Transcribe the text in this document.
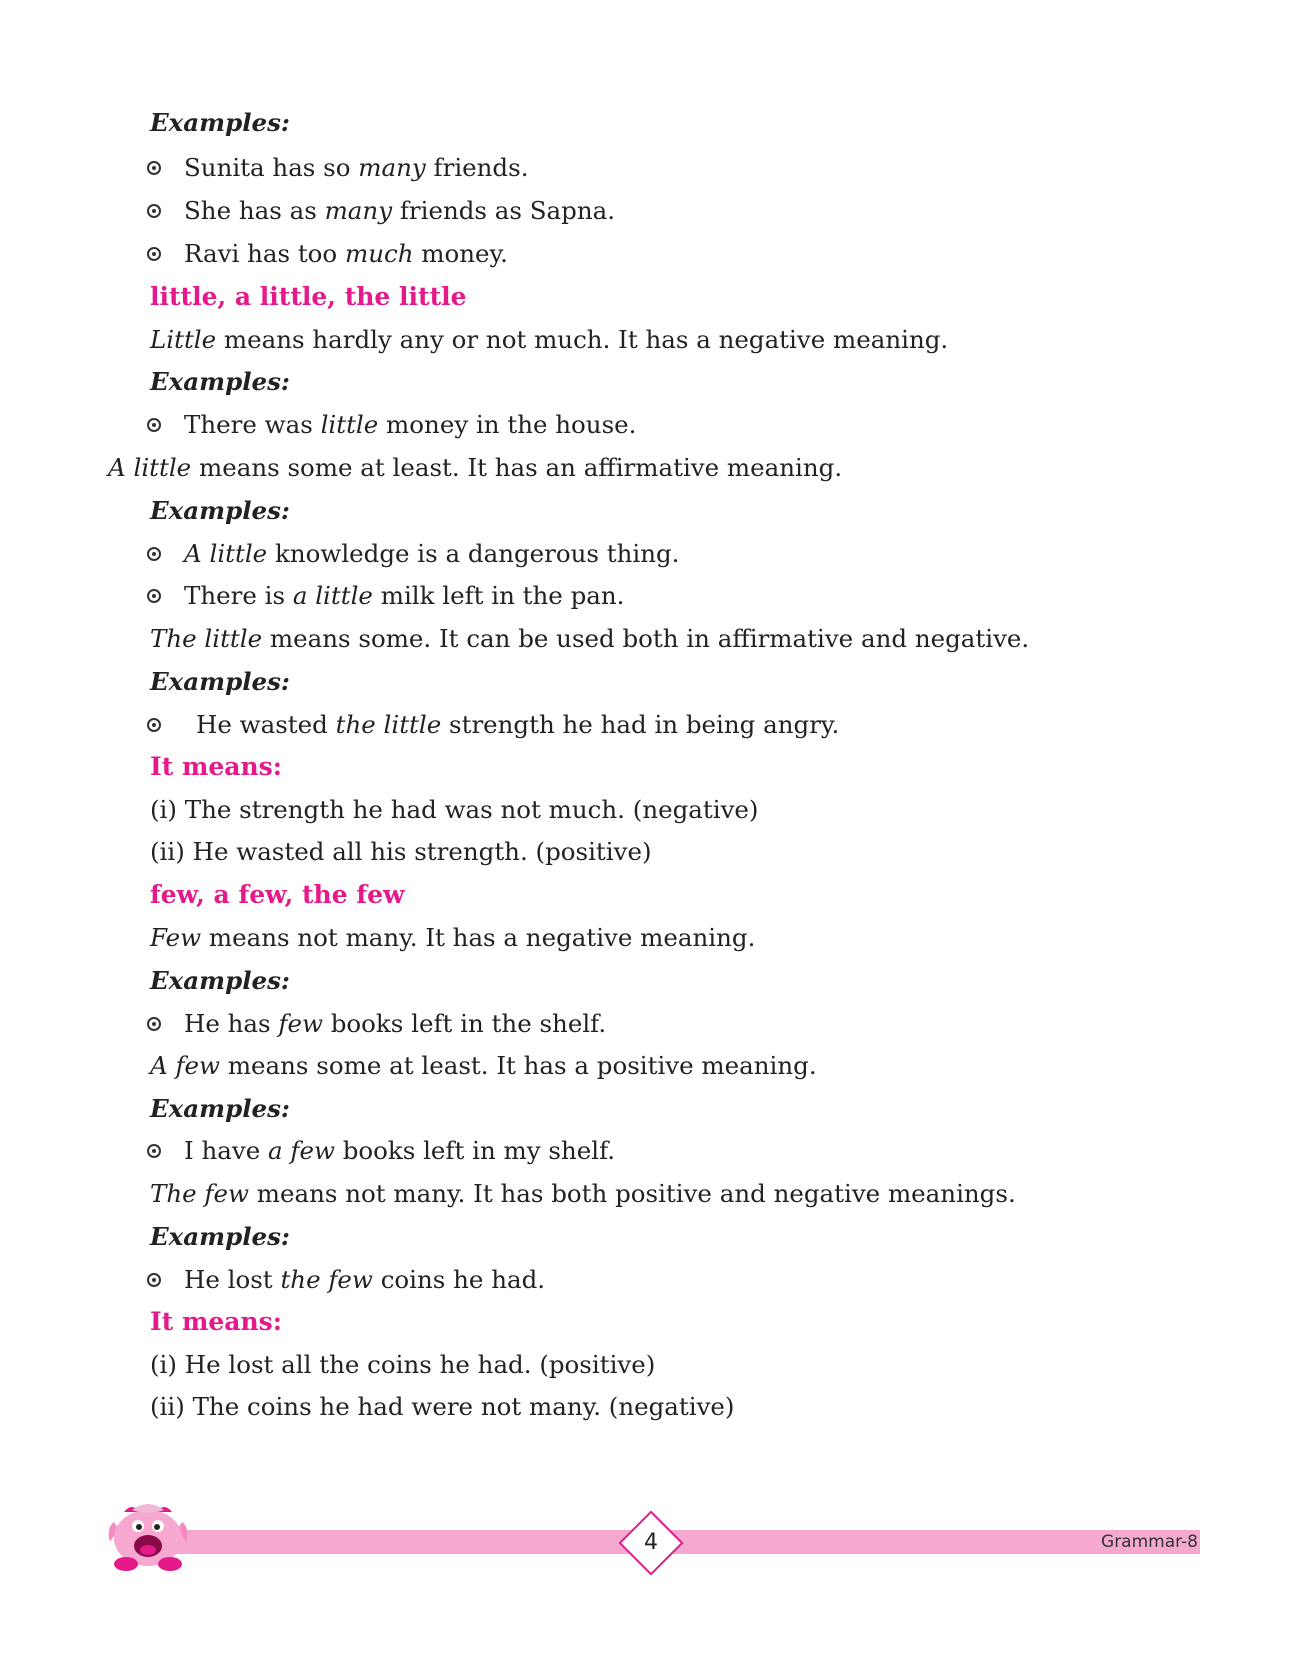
Examples:
Sunita has so many friends.
She has as many friends as Sapna.
Ravi has too much money.
little, a little, the little
Little means hardly any or not much. It has a negative meaning.
Examples:
There was little money in the house.
A little means some at least. It has an affirmative meaning.
Examples:
A little knowledge is a dangerous thing.
There is a little milk left in the pan.
The little means some. It can be used both in affirmative and negative.
Examples:
He wasted the little strength he had in being angry.
It means:
(i) The strength he had was not much. (negative)
(ii) He wasted all his strength. (positive)
few, a few, the few
Few means not many. It has a negative meaning.
Examples:
He has few books left in the shelf.
A few means some at least. It has a positive meaning.
Examples:
I have a few books left in my shelf.
The few means not many. It has both positive and negative meanings.
Examples:
He lost the few coins he had.
It means:
(i) He lost all the coins he had. (positive)
(ii) The coins he had were not many. (negative)
4	Grammar-8
